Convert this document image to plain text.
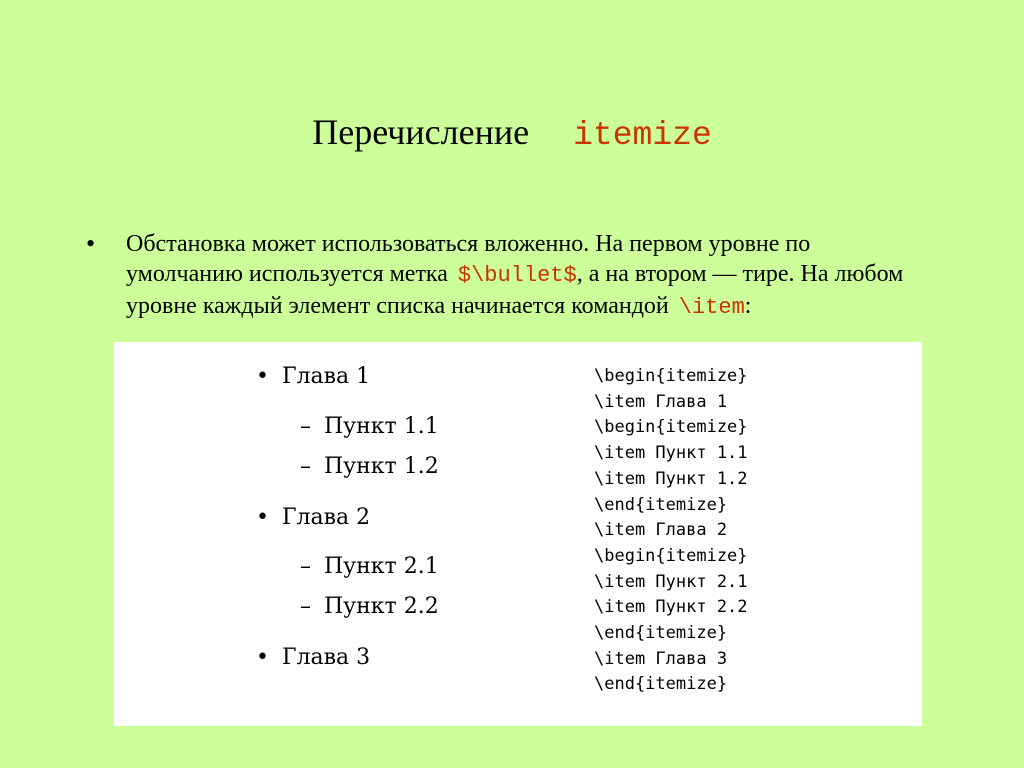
Перечисление itemize
• Обстановка может использоваться вложенно. На первом уровне по умолчанию используется метка $\bullet$, а на втором — тире. На любом уровне каждый элемент списка начинается командой \item:
• Глава 1
– Пункт 1.1
– Пункт 1.2
• Глава 2
– Пункт 2.1
– Пункт 2.2
• Глава 3
\begin{itemize}
\item Глава 1
\begin{itemize}
\item Пункт 1.1
\item Пункт 1.2
\end{itemize}
\item Глава 2
\begin{itemize}
\item Пункт 2.1
\item Пункт 2.2
\end{itemize}
\item Глава 3
\end{itemize}
